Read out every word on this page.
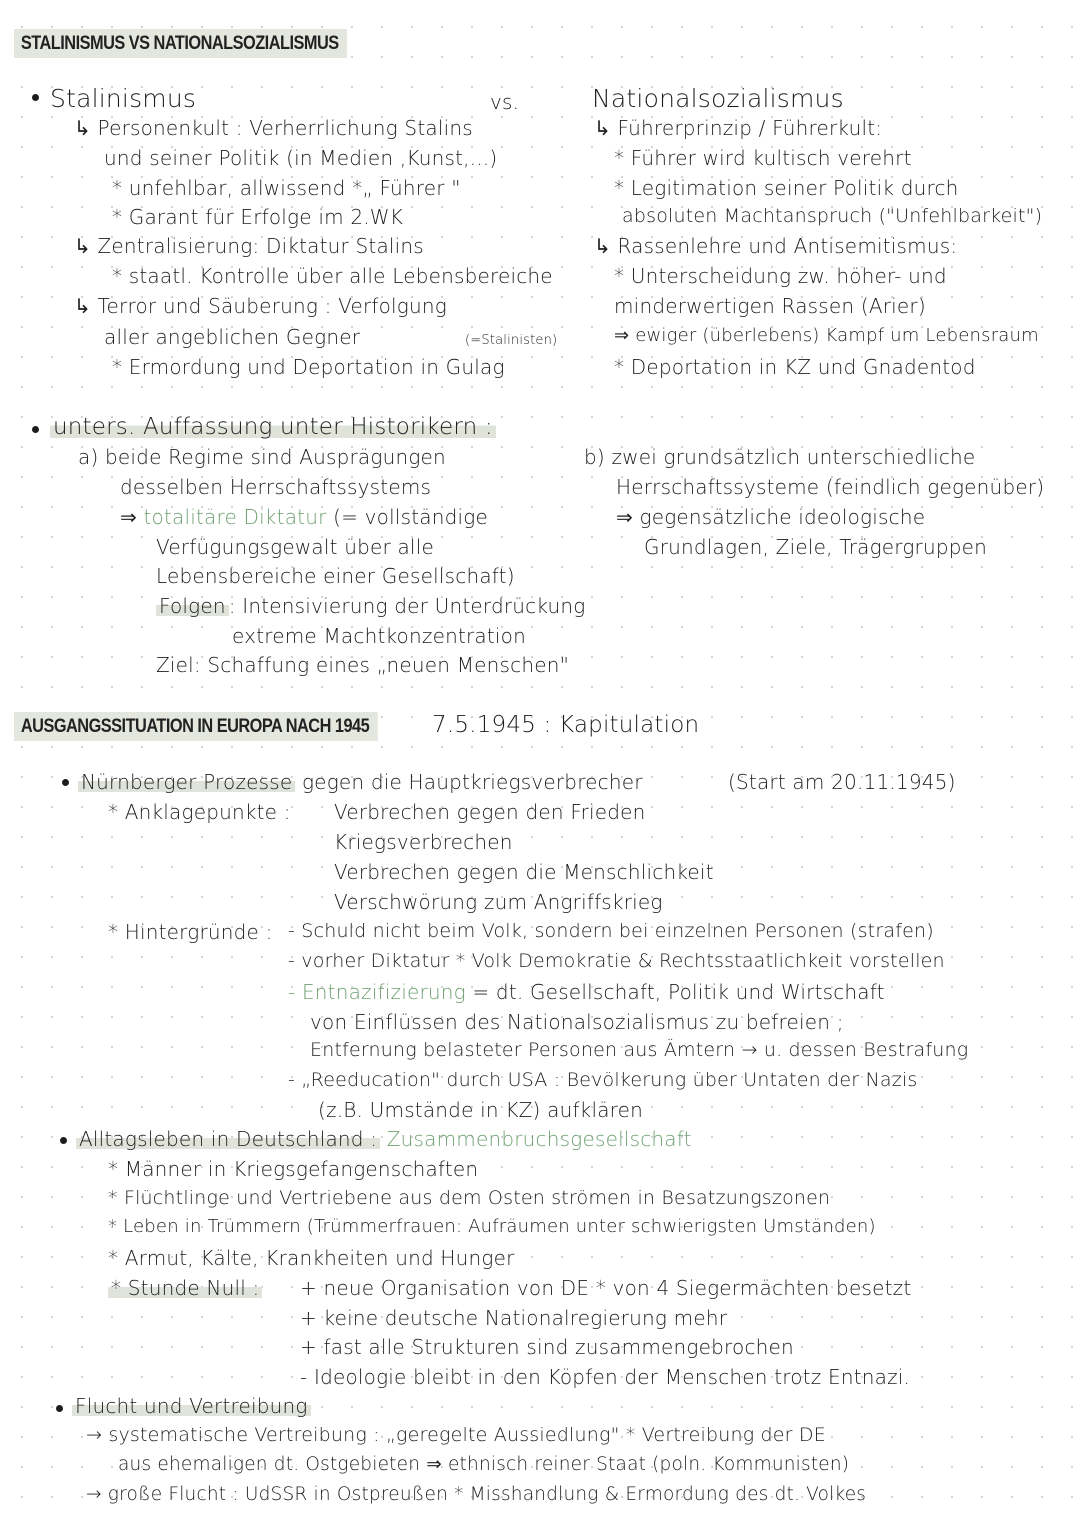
STALINISMUS VS NATIONALSOZIALISMUS
Stalinismus	vs.
↳ Personenkult : Verherrlichung Stalins
und seiner Politik (in Medien ,Kunst,...)
* unfehlbar, allwissend *„ Führer "
* Garant für Erfolge im 2.WK
↳ Zentralisierung: Diktatur Stalins
* staatl. Kontrolle über alle Lebensbereiche
↳ Terror und Säuberung : Verfolgung
aller angeblichen Gegner	(=Stalinisten)
* Ermordung und Deportation in Gulag
Nationalsozialismus
↳ Führerprinzip / Führerkult:
* Führer wird kultisch verehrt
* Legitimation seiner Politik durch
absoluten Machtanspruch ("Unfehlbarkeit")
↳ Rassenlehre und Antisemitismus:
* Unterscheidung zw. höher- und
minderwertigen Rassen (Arier)
⇒ ewiger (überlebens) Kampf um Lebensraum
* Deportation in KZ und Gnadentod
unters. Auffassung unter Historikern :
a) beide Regime sind Ausprägungen
desselben Herrschaftssystems
⇒ totalitäre Diktatur (= vollständige
Verfügungsgewalt über alle
Lebensbereiche einer Gesellschaft)
Folgen : Intensivierung der Unterdrückung
extreme Machtkonzentration
Ziel: Schaffung eines „neuen Menschen"
b) zwei grundsätzlich unterschiedliche
Herrschaftssysteme (feindlich gegenüber)
⇒ gegensätzliche ideologische
Grundlagen, Ziele, Trägergruppen
AUSGANGSSITUATION IN EUROPA NACH 1945	7.5.1945 : Kapitulation
Nürnberger Prozesse gegen die Hauptkriegsverbrecher	(Start am 20.11.1945)
* Anklagepunkte : Verbrechen gegen den Frieden
Kriegsverbrechen
Verbrechen gegen die Menschlichkeit
Verschwörung zum Angriffskrieg
* Hintergründe : - Schuld nicht beim Volk, sondern bei einzelnen Personen (strafen)
- vorher Diktatur * Volk Demokratie & Rechtsstaatlichkeit vorstellen
- Entnazifizierung = dt. Gesellschaft, Politik und Wirtschaft
von Einflüssen des Nationalsozialismus zu befreien ;
Entfernung belasteter Personen aus Ämtern → u. dessen Bestrafung
- „Reeducation" durch USA : Bevölkerung über Untaten der Nazis
(z.B. Umstände in KZ) aufklären
Alltagsleben in Deutschland : Zusammenbruchsgesellschaft
* Männer in Kriegsgefangenschaften
* Flüchtlinge und Vertriebene aus dem Osten strömen in Besatzungszonen
* Leben in Trümmern (Trümmerfrauen: Aufräumen unter schwierigsten Umständen)
* Armut, Kälte, Krankheiten und Hunger
* Stunde Null : + neue Organisation von DE * von 4 Siegermächten besetzt
+ keine deutsche Nationalregierung mehr
+ fast alle Strukturen sind zusammengebrochen
- Ideologie bleibt in den Köpfen der Menschen trotz Entnazi.
Flucht und Vertreibung
→ systematische Vertreibung : „geregelte Aussiedlung" * Vertreibung der DE
aus ehemaligen dt. Ostgebieten ⇒ ethnisch reiner Staat (poln. Kommunisten)
→ große Flucht : UdSSR in Ostpreußen * Misshandlung & Ermordung des dt. Volkes
